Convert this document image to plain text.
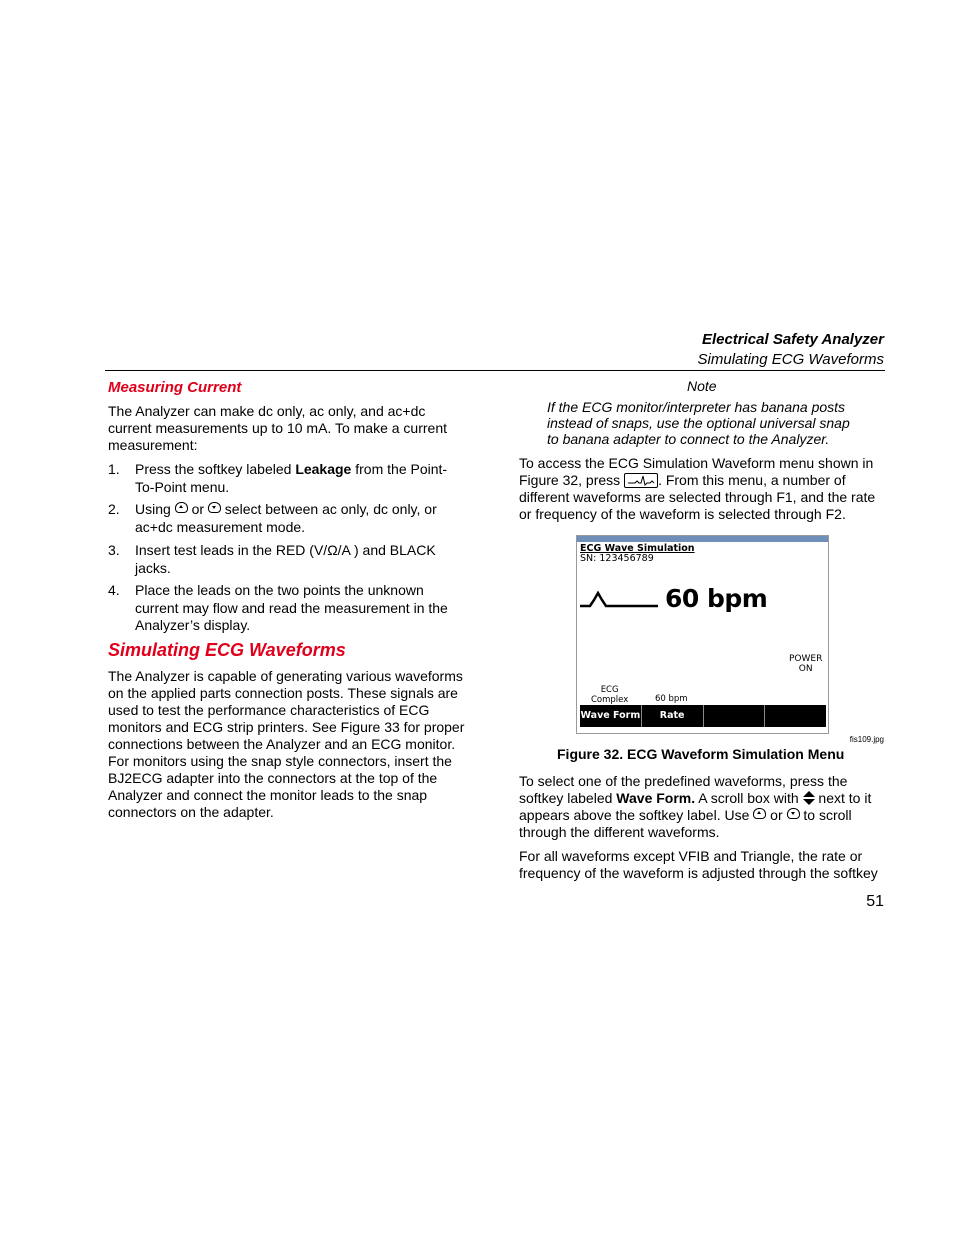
Electrical Safety Analyzer
Simulating ECG Waveforms
Measuring Current
The Analyzer can make dc only, ac only, and ac+dc current measurements up to 10 mA. To make a current measurement:
1. Press the softkey labeled Leakage from the Point-To-Point menu.
2. Using  or  select between ac only, dc only, or ac+dc measurement mode.
3. Insert test leads in the RED (V/Ω/A ) and BLACK jacks.
4. Place the leads on the two points the unknown current may flow and read the measurement in the Analyzer’s display.
Simulating ECG Waveforms
The Analyzer is capable of generating various waveforms on the applied parts connection posts. These signals are used to test the performance characteristics of ECG monitors and ECG strip printers. See Figure 33 for proper connections between the Analyzer and an ECG monitor. For monitors using the snap style connectors, insert the BJ2ECG adapter into the connectors at the top of the Analyzer and connect the monitor leads to the snap connectors on the adapter.
Note
If the ECG monitor/interpreter has banana posts instead of snaps, use the optional universal snap to banana adapter to connect to the Analyzer.
To access the ECG Simulation Waveform menu shown in Figure 32, press . From this menu, a number of different waveforms are selected through F1, and the rate or frequency of the waveform is selected through F2.
ECG Wave Simulation
SN: 123456789
60 bpm
POWER
ON
ECG
Complex	60 bpm
Wave Form	Rate
fis109.jpg
Figure 32. ECG Waveform Simulation Menu
To select one of the predefined waveforms, press the softkey labeled Wave Form. A scroll box with  next to it appears above the softkey label. Use  or  to scroll through the different waveforms.
For all waveforms except VFIB and Triangle, the rate or frequency of the waveform is adjusted through the softkey
51
